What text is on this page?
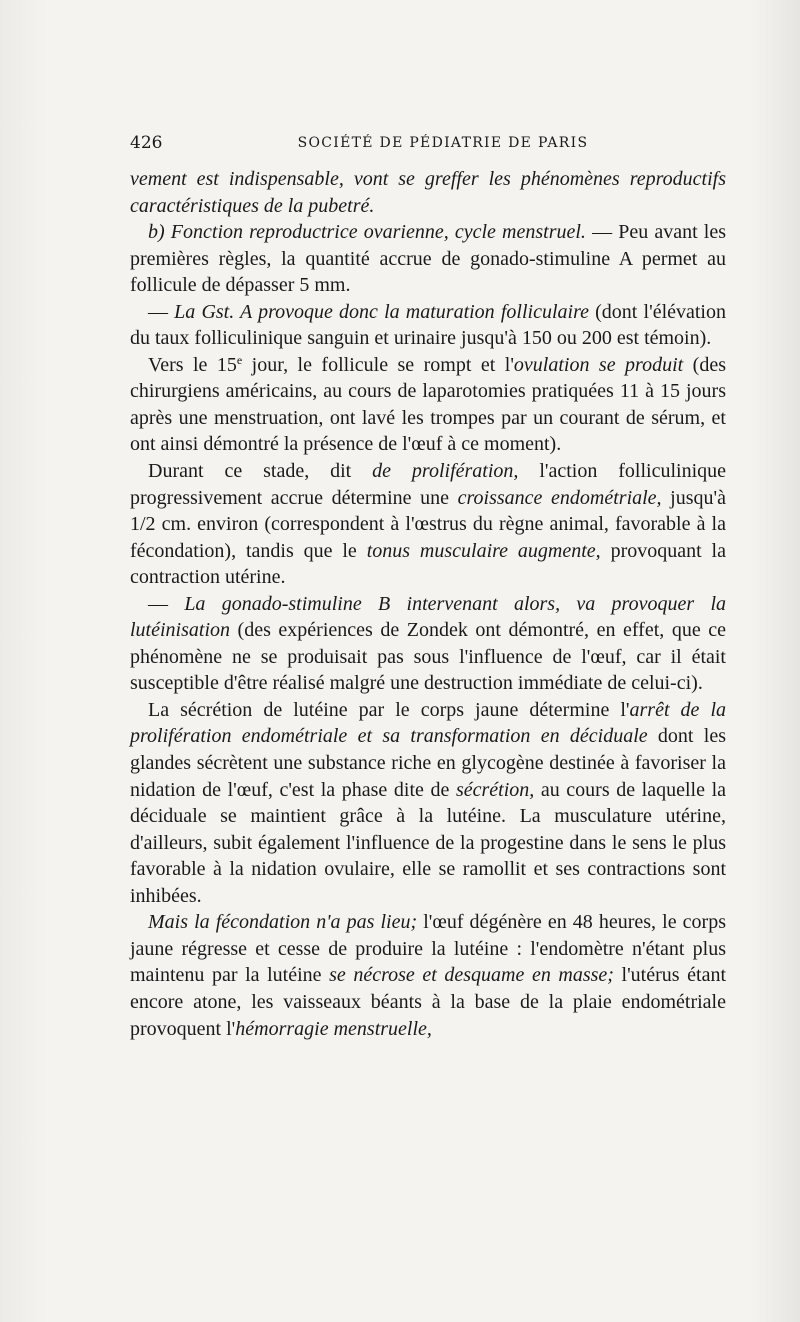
426	SOCIÉTÉ DE PÉDIATRIE DE PARIS

vement est indispensable, vont se greffer les phénomènes reproductifs caractéristiques de la pubetré.

b) Fonction reproductrice ovarienne, cycle menstruel. — Peu avant les premières règles, la quantité accrue de gonado-stimuline A permet au follicule de dépasser 5 mm.

— La Gst. A provoque donc la maturation folliculaire (dont l'élévation du taux folliculinique sanguin et urinaire jusqu'à 150 ou 200 est témoin).

Vers le 15e jour, le follicule se rompt et l'ovulation se produit (des chirurgiens américains, au cours de laparotomies pratiquées 11 à 15 jours après une menstruation, ont lavé les trompes par un courant de sérum, et ont ainsi démontré la présence de l'œuf à ce moment).

Durant ce stade, dit de prolifération, l'action folliculinique progressivement accrue détermine une croissance endométriale, jusqu'à 1/2 cm. environ (correspondent à l'œstrus du règne animal, favorable à la fécondation), tandis que le tonus musculaire augmente, provoquant la contraction utérine.

— La gonado-stimuline B intervenant alors, va provoquer la lutéinisation (des expériences de Zondek ont démontré, en effet, que ce phénomène ne se produisait pas sous l'influence de l'œuf, car il était susceptible d'être réalisé malgré une destruction immédiate de celui-ci).

La sécrétion de lutéine par le corps jaune détermine l'arrêt de la prolifération endométriale et sa transformation en déciduale dont les glandes sécrètent une substance riche en glycogène destinée à favoriser la nidation de l'œuf, c'est la phase dite de sécrétion, au cours de laquelle la déciduale se maintient grâce à la lutéine. La musculature utérine, d'ailleurs, subit également l'influence de la progestine dans le sens le plus favorable à la nidation ovulaire, elle se ramollit et ses contractions sont inhibées.

Mais la fécondation n'a pas lieu; l'œuf dégénère en 48 heures, le corps jaune régresse et cesse de produire la lutéine : l'endomètre n'étant plus maintenu par la lutéine se nécrose et desquame en masse; l'utérus étant encore atone, les vaisseaux béants à la base de la plaie endométriale provoquent l'hémorragie menstruelle,
